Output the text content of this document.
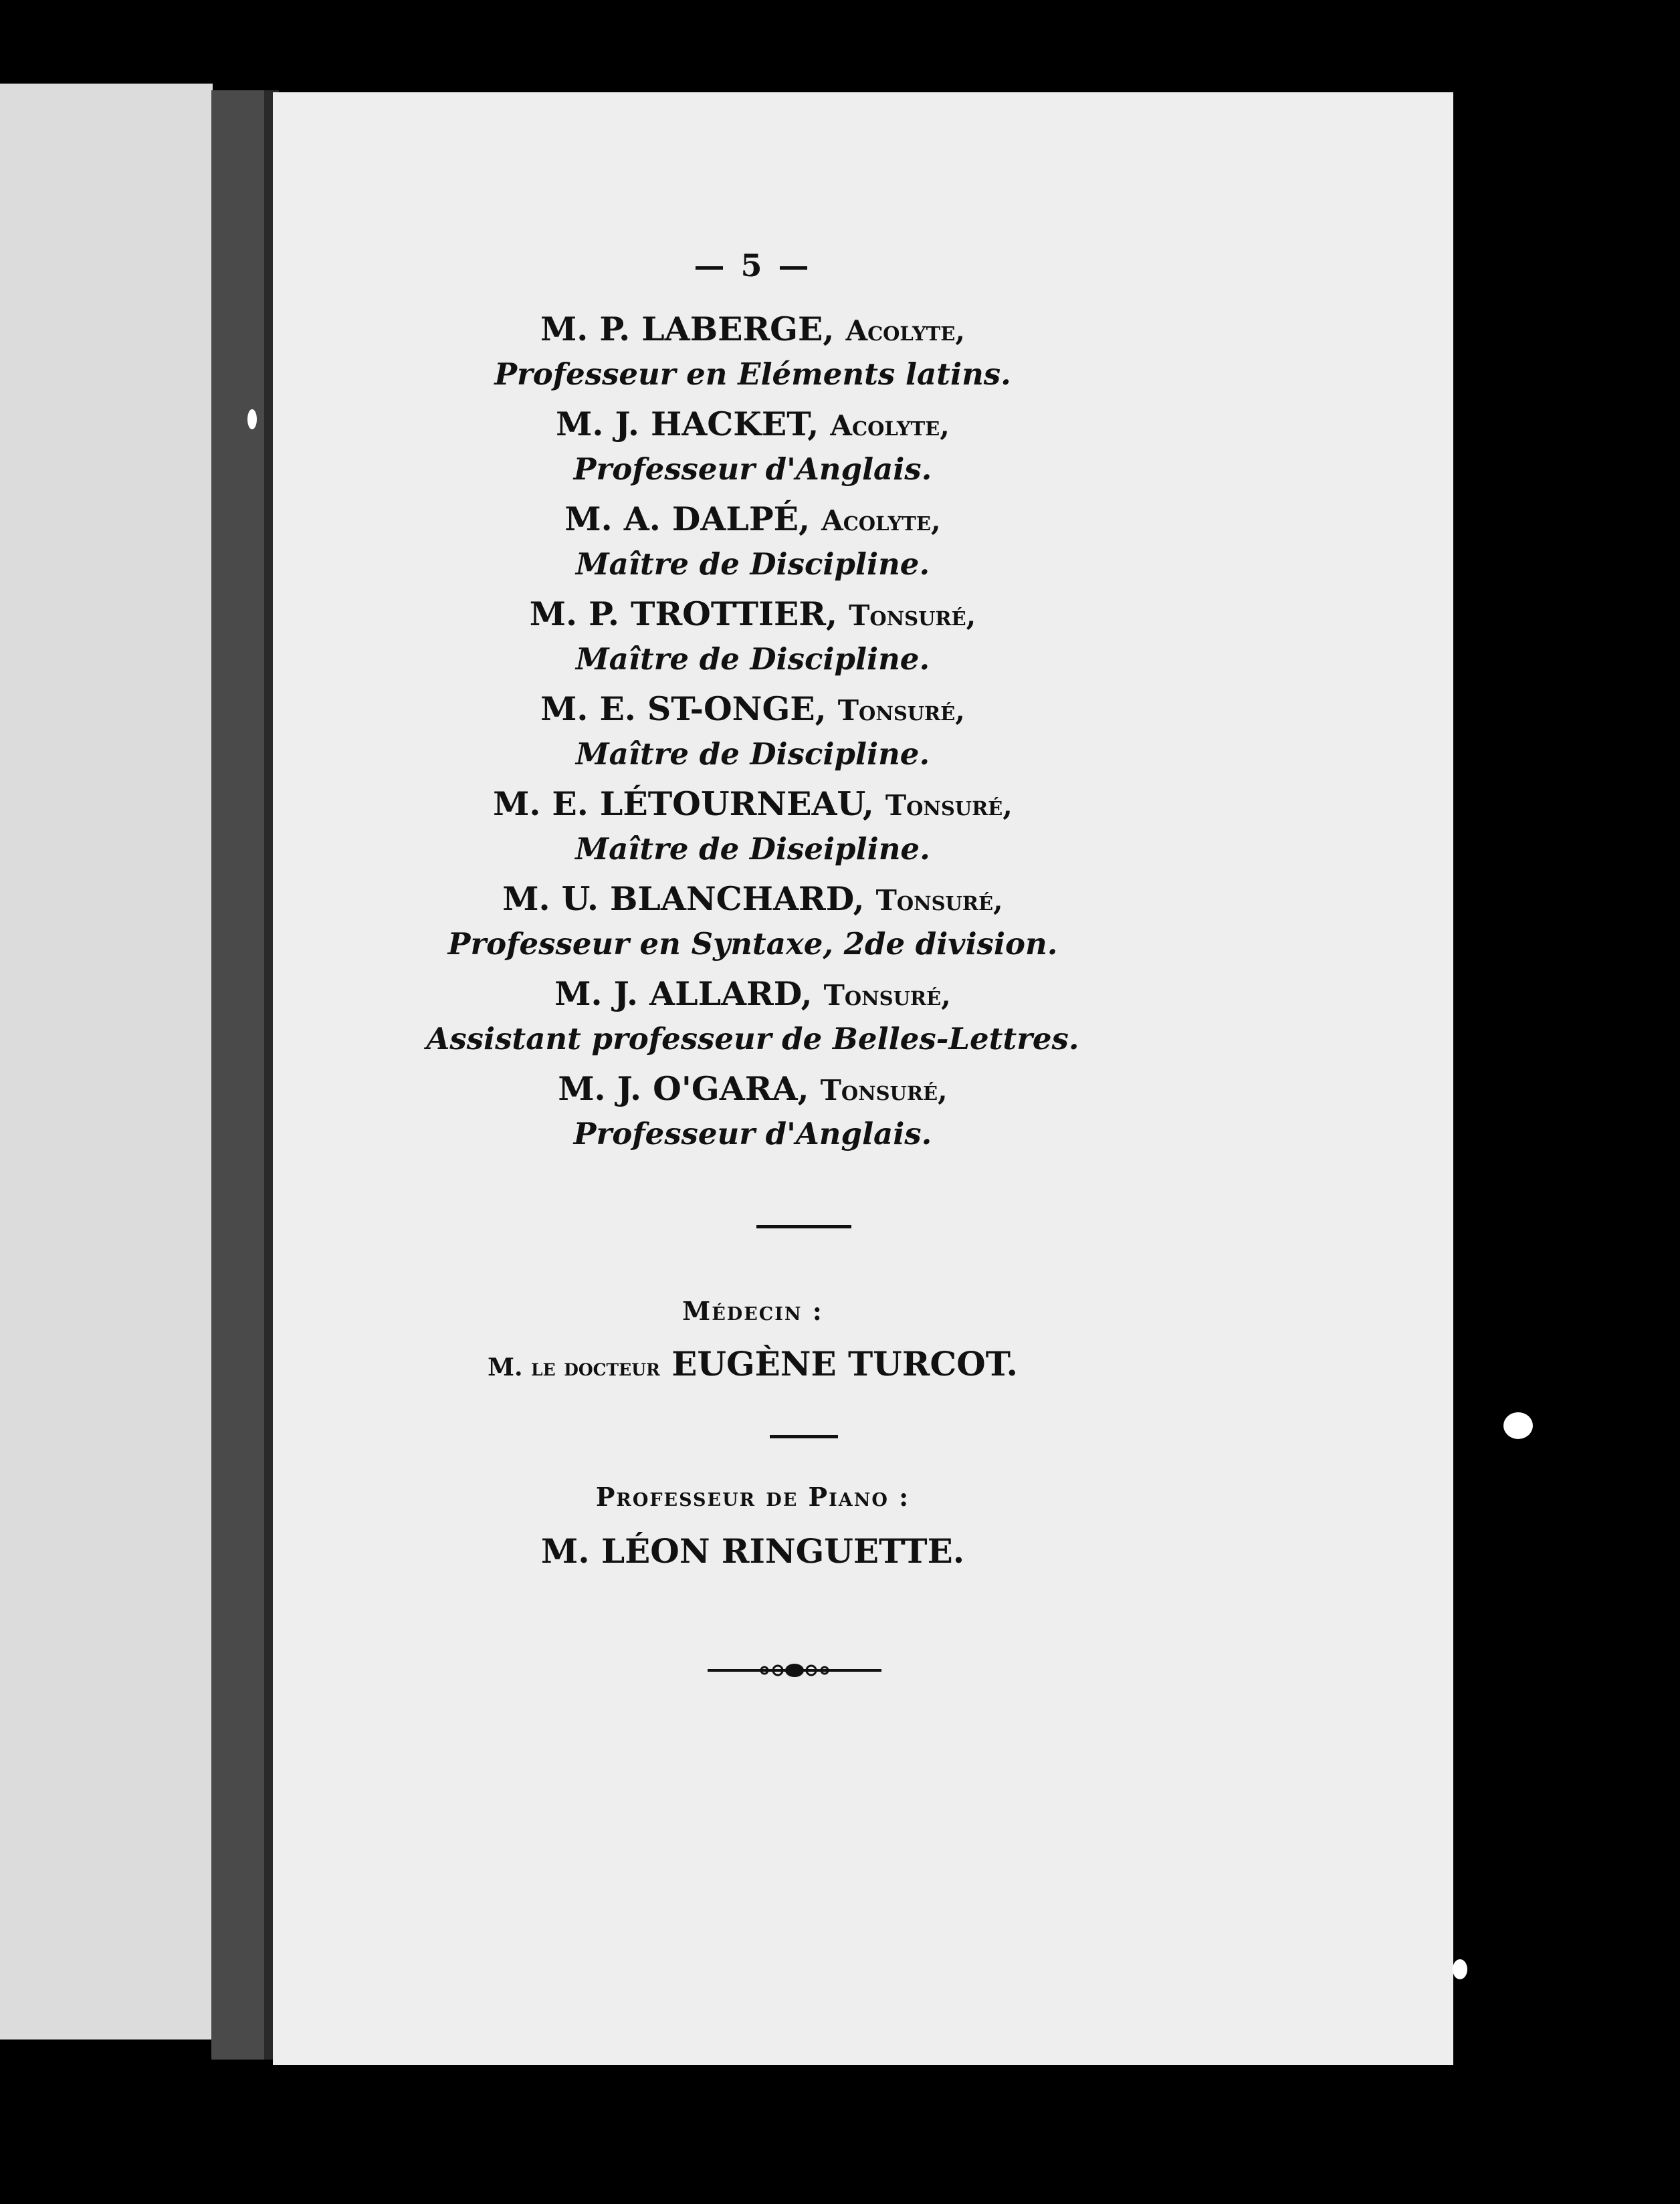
— 5 —
M. P. LABERGE, Acolyte,
Professeur en Eléments latins.
M. J. HACKET, Acolyte,
Professeur d'Anglais.
M. A. DALPÉ, Acolyte,
Maître de Discipline.
M. P. TROTTIER, Tonsuré,
Maître de Discipline.
M. E. ST-ONGE, Tonsuré,
Maître de Discipline.
M. E. LÉTOURNEAU, Tonsuré,
Maître de Diseipline.
M. U. BLANCHARD, Tonsuré,
Professeur en Syntaxe, 2de division.
M. J. ALLARD, Tonsuré,
Assistant professeur de Belles-Lettres.
M. J. O'GARA, Tonsuré,
Professeur d'Anglais.
Médecin :
M. le docteur EUGÈNE TURCOT.
Professeur de Piano :
M. LÉON RINGUETTE.
